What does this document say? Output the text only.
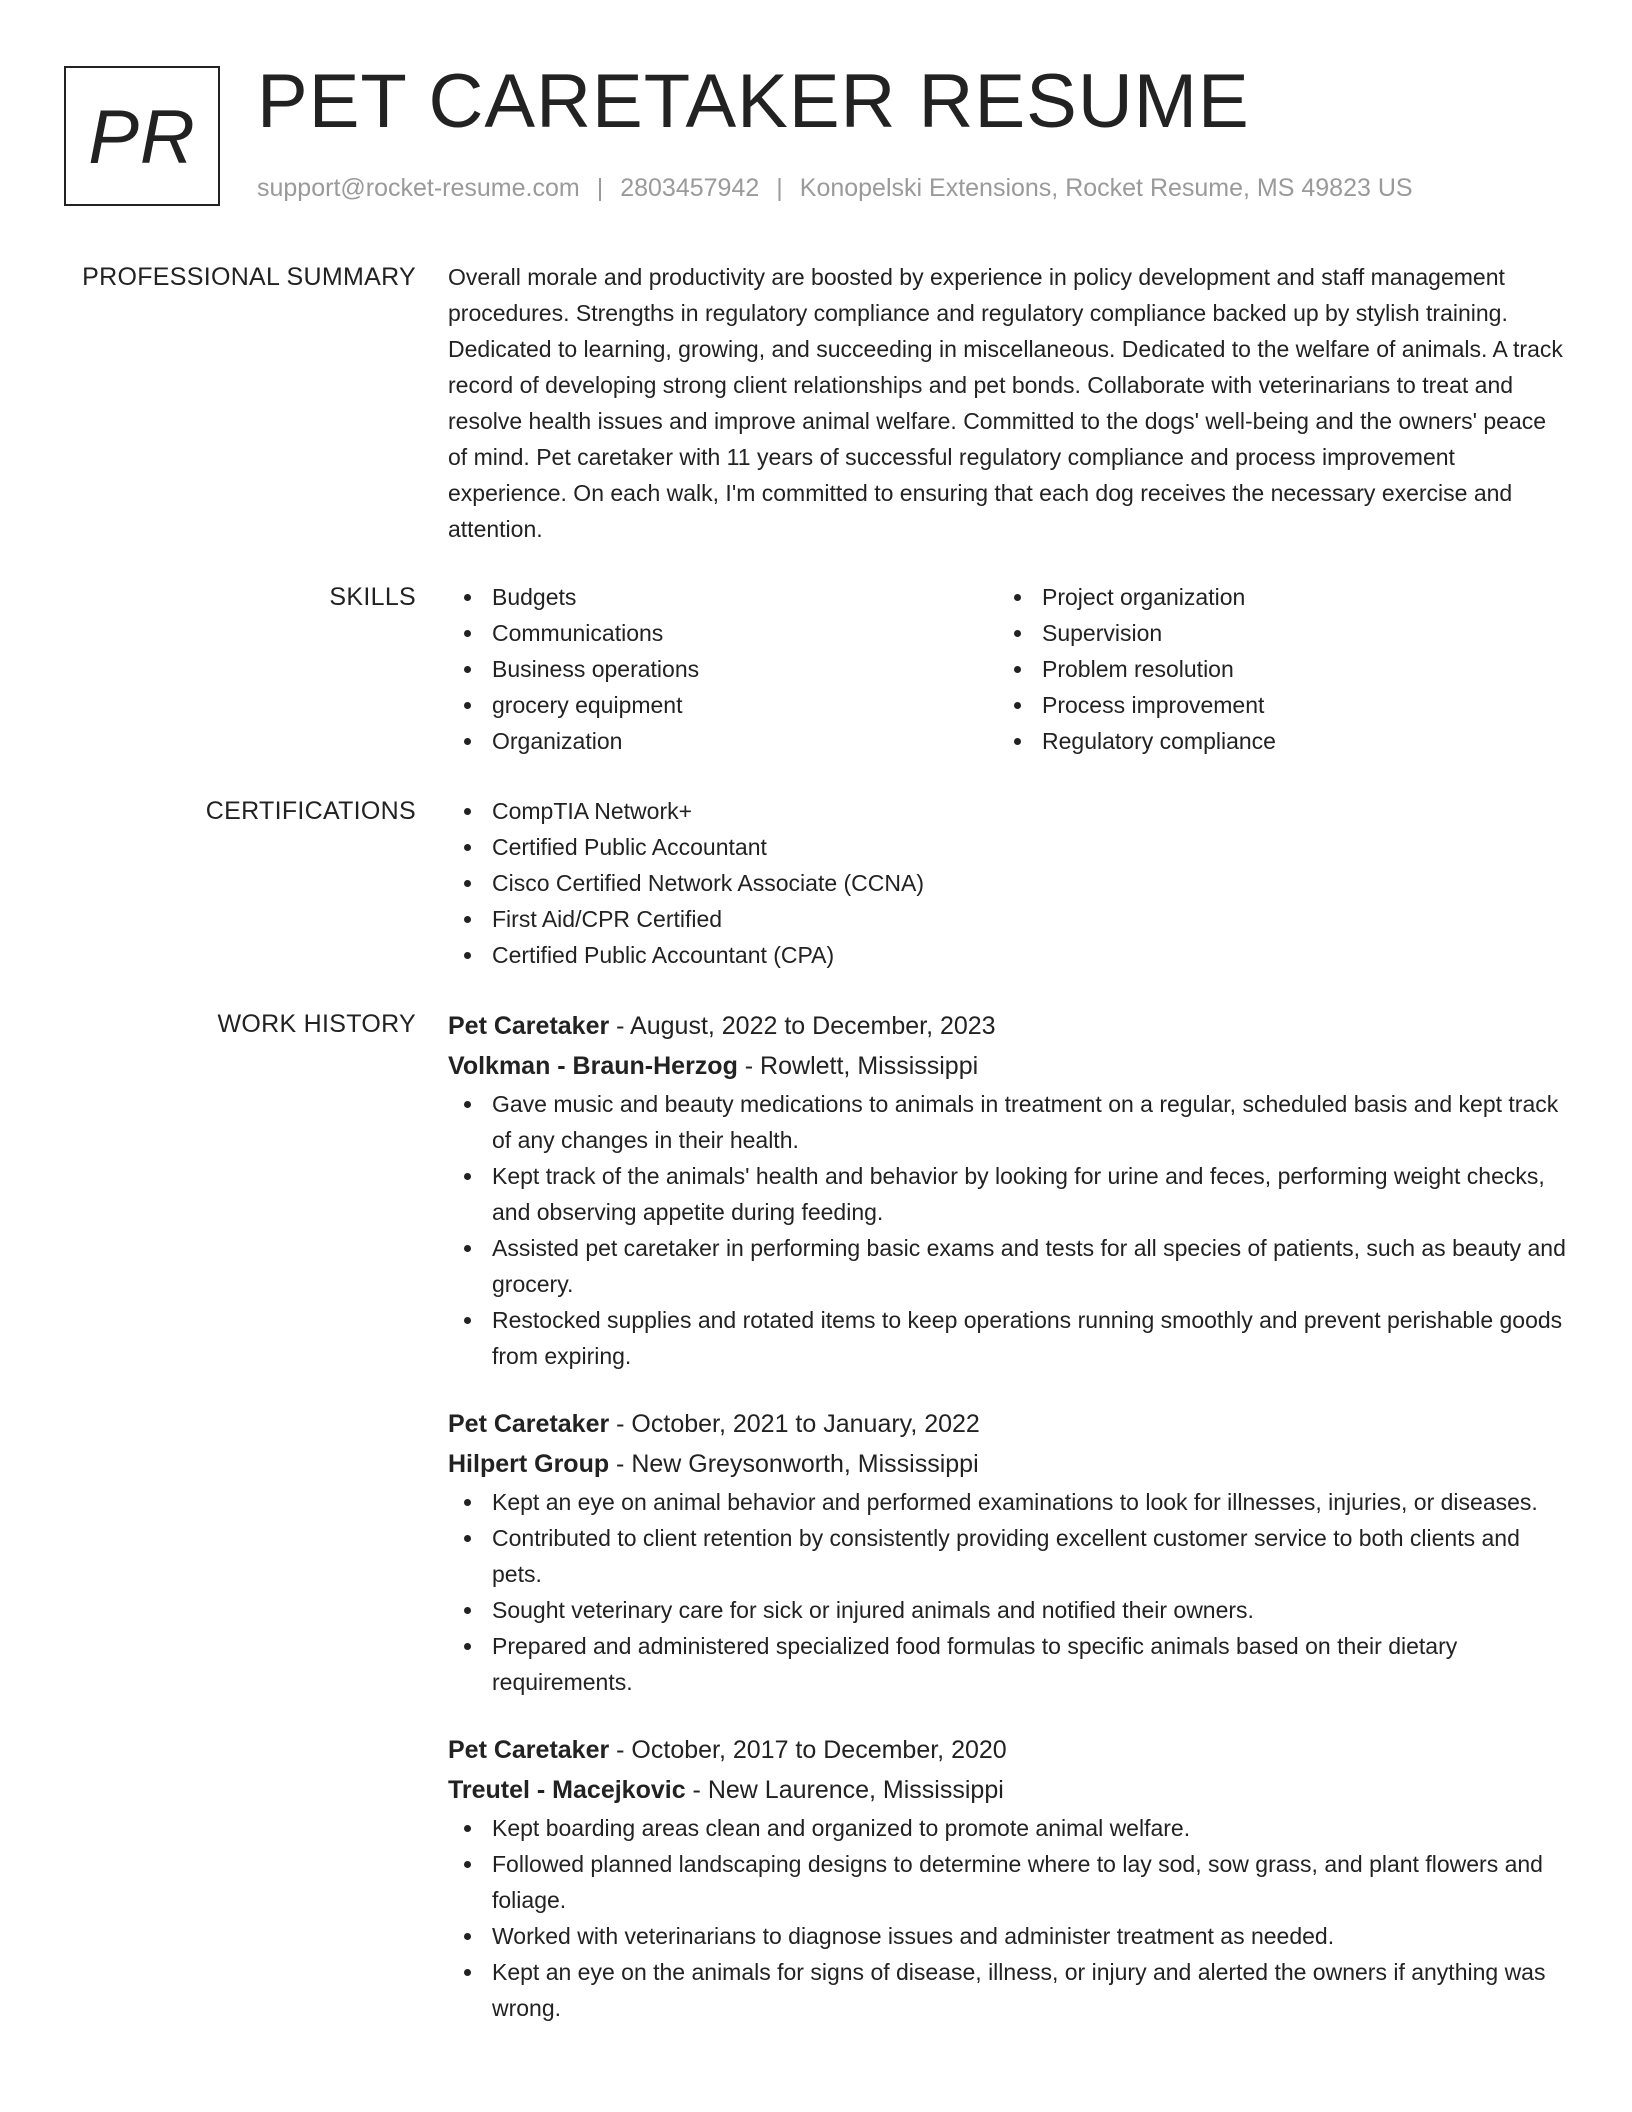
PR PET CARETAKER RESUME
support@rocket-resume.com | 2803457942 | Konopelski Extensions, Rocket Resume, MS 49823 US
PROFESSIONAL SUMMARY Overall morale and productivity are boosted by experience in policy development and staff management procedures. Strengths in regulatory compliance and regulatory compliance backed up by stylish training. Dedicated to learning, growing, and succeeding in miscellaneous. Dedicated to the welfare of animals. A track record of developing strong client relationships and pet bonds. Collaborate with veterinarians to treat and resolve health issues and improve animal welfare. Committed to the dogs' well-being and the owners' peace of mind. Pet caretaker with 11 years of successful regulatory compliance and process improvement experience. On each walk, I'm committed to ensuring that each dog receives the necessary exercise and attention.
SKILLS	Budgets
Communications
Business operations
grocery equipment
Organization
Project organization
Supervision
Problem resolution
Process improvement
Regulatory compliance
CERTIFICATIONS	CompTIA Network+
Certified Public Accountant
Cisco Certified Network Associate (CCNA)
First Aid/CPR Certified
Certified Public Accountant (CPA)
WORK HISTORY Pet Caretaker - August, 2022 to December, 2023
Volkman - Braun-Herzog - Rowlett, Mississippi
Gave music and beauty medications to animals in treatment on a regular, scheduled basis and kept track of any changes in their health.
Kept track of the animals' health and behavior by looking for urine and feces, performing weight checks, and observing appetite during feeding.
Assisted pet caretaker in performing basic exams and tests for all species of patients, such as beauty and grocery.
Restocked supplies and rotated items to keep operations running smoothly and prevent perishable goods from expiring.
Pet Caretaker - October, 2021 to January, 2022
Hilpert Group - New Greysonworth, Mississippi
Kept an eye on animal behavior and performed examinations to look for illnesses, injuries, or diseases.
Contributed to client retention by consistently providing excellent customer service to both clients and pets.
Sought veterinary care for sick or injured animals and notified their owners.
Prepared and administered specialized food formulas to specific animals based on their dietary requirements.
Pet Caretaker - October, 2017 to December, 2020
Treutel - Macejkovic - New Laurence, Mississippi
Kept boarding areas clean and organized to promote animal welfare.
Followed planned landscaping designs to determine where to lay sod, sow grass, and plant flowers and foliage.
Worked with veterinarians to diagnose issues and administer treatment as needed.
Kept an eye on the animals for signs of disease, illness, or injury and alerted the owners if anything was wrong.
